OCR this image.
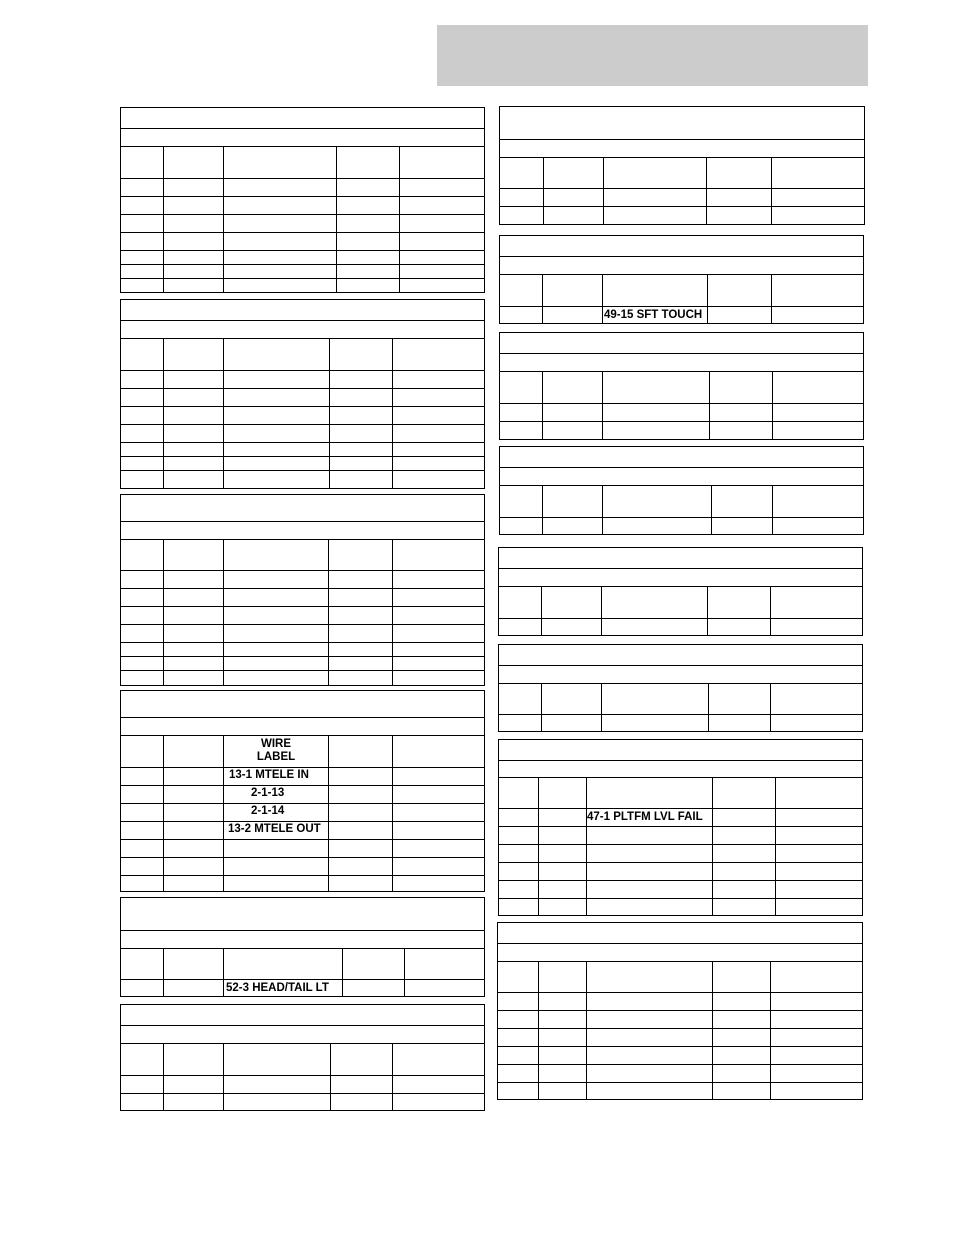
WIRE
LABEL
13-1 MTELE IN
2-1-13
2-1-14
13-2 MTELE OUT
52-3 HEAD/TAIL LT
49-15 SFT TOUCH
47-1 PLTFM LVL FAIL
